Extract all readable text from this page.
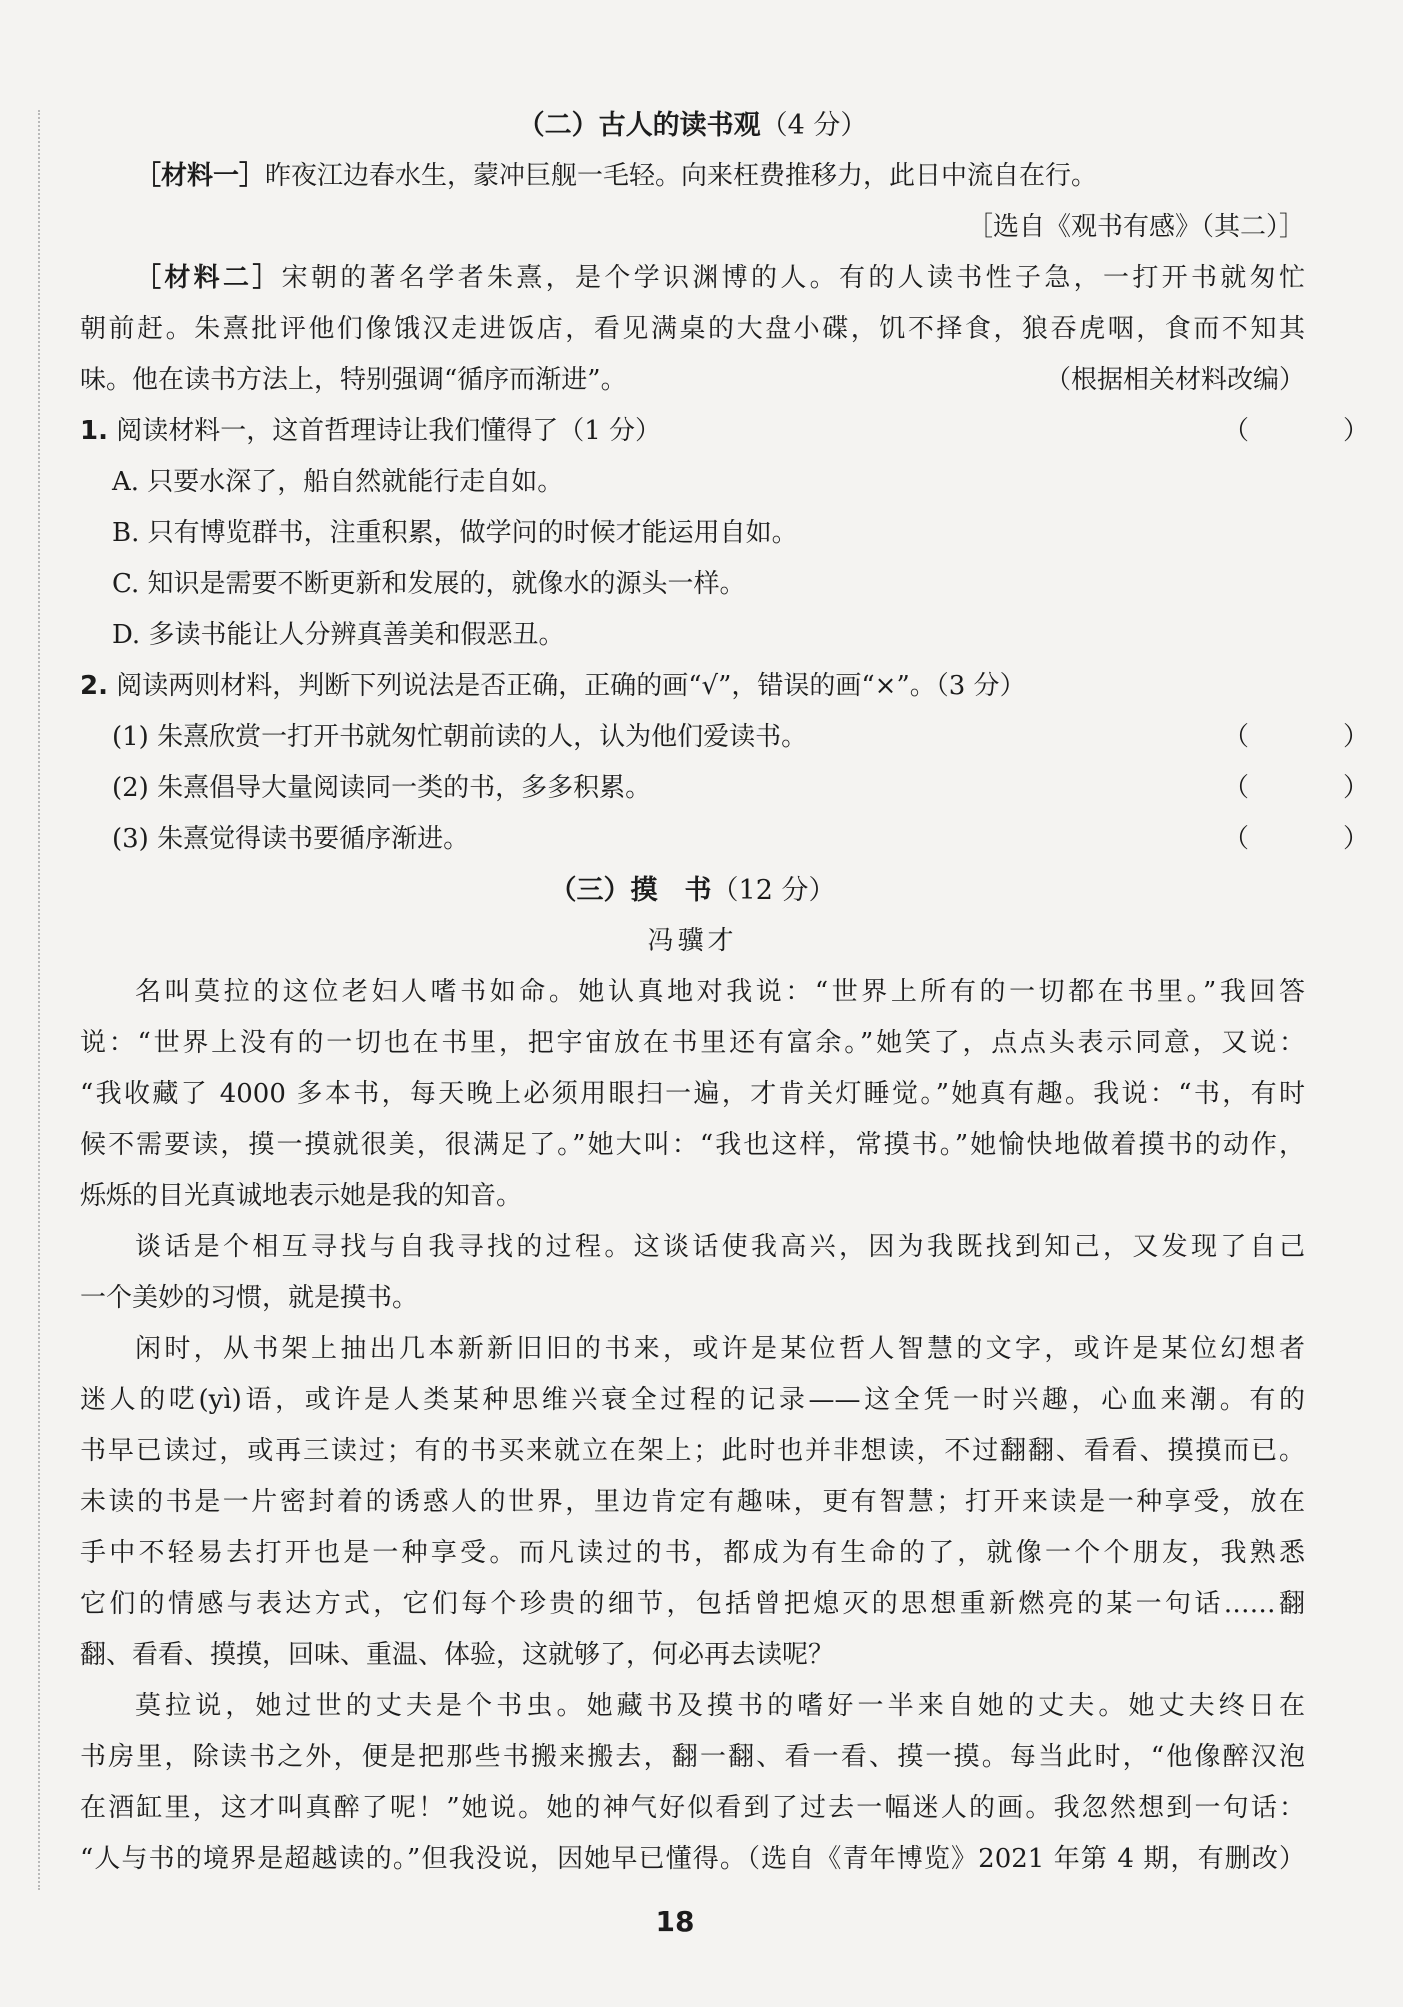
（二）古人的读书观（4 分）
［材料一］昨夜江边春水生，蒙冲巨舰一毛轻。向来枉费推移力，此日中流自在行。
［选自《观书有感》（其二）］
［材料二］宋朝的著名学者朱熹，是个学识渊博的人。有的人读书性子急，一打开书就匆忙
朝前赶。朱熹批评他们像饿汉走进饭店，看见满桌的大盘小碟，饥不择食，狼吞虎咽，食而不知其
味。他在读书方法上，特别强调“循序而渐进”。	（根据相关材料改编）
1. 阅读材料一，这首哲理诗让我们懂得了（1 分）	（　）
A. 只要水深了，船自然就能行走自如。
B. 只有博览群书，注重积累，做学问的时候才能运用自如。
C. 知识是需要不断更新和发展的，就像水的源头一样。
D. 多读书能让人分辨真善美和假恶丑。
2. 阅读两则材料，判断下列说法是否正确，正确的画“√”，错误的画“×”。（3 分）
(1) 朱熹欣赏一打开书就匆忙朝前读的人，认为他们爱读书。	（　）
(2) 朱熹倡导大量阅读同一类的书，多多积累。	（　）
(3) 朱熹觉得读书要循序渐进。	（　）
（三）摸　书（12 分）
冯骥才
名叫莫拉的这位老妇人嗜书如命。她认真地对我说：“世界上所有的一切都在书里。”我回答
说：“世界上没有的一切也在书里，把宇宙放在书里还有富余。”她笑了，点点头表示同意，又说：
“我收藏了 4000 多本书，每天晚上必须用眼扫一遍，才肯关灯睡觉。”她真有趣。我说：“书，有时
候不需要读，摸一摸就很美，很满足了。”她大叫：“我也这样，常摸书。”她愉快地做着摸书的动作，
烁烁的目光真诚地表示她是我的知音。
谈话是个相互寻找与自我寻找的过程。这谈话使我高兴，因为我既找到知己，又发现了自己
一个美妙的习惯，就是摸书。
闲时，从书架上抽出几本新新旧旧的书来，或许是某位哲人智慧的文字，或许是某位幻想者
迷人的呓(yì)语，或许是人类某种思维兴衰全过程的记录——这全凭一时兴趣，心血来潮。有的
书早已读过，或再三读过；有的书买来就立在架上；此时也并非想读，不过翻翻、看看、摸摸而已。
未读的书是一片密封着的诱惑人的世界，里边肯定有趣味，更有智慧；打开来读是一种享受，放在
手中不轻易去打开也是一种享受。而凡读过的书，都成为有生命的了，就像一个个朋友，我熟悉
它们的情感与表达方式，它们每个珍贵的细节，包括曾把熄灭的思想重新燃亮的某一句话……翻
翻、看看、摸摸，回味、重温、体验，这就够了，何必再去读呢？
莫拉说，她过世的丈夫是个书虫。她藏书及摸书的嗜好一半来自她的丈夫。她丈夫终日在
书房里，除读书之外，便是把那些书搬来搬去，翻一翻、看一看、摸一摸。每当此时，“他像醉汉泡
在酒缸里，这才叫真醉了呢！”她说。她的神气好似看到了过去一幅迷人的画。我忽然想到一句话：
“人与书的境界是超越读的。”但我没说，因她早已懂得。（选自《青年博览》2021 年第 4 期，有删改）
18
